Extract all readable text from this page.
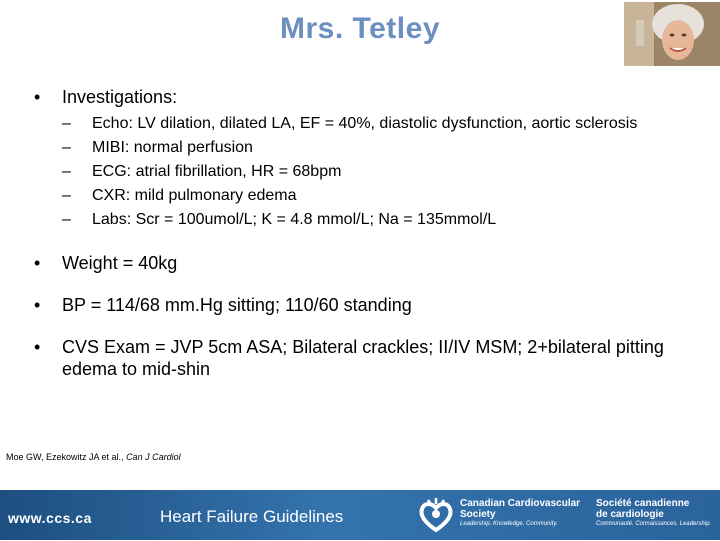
Mrs. Tetley
•	Investigations:
–	Echo: LV dilation, dilated LA, EF = 40%, diastolic dysfunction, aortic sclerosis
–	MIBI: normal perfusion
–	ECG: atrial fibrillation, HR = 68bpm
–	CXR: mild pulmonary edema
–	Labs: Scr = 100umol/L; K = 4.8 mmol/L; Na = 135mmol/L
•	Weight = 40kg
•	BP = 114/68 mm.Hg sitting; 110/60 standing
•	CVS Exam = JVP 5cm ASA; Bilateral crackles; II/IV MSM; 2+bilateral pitting edema to mid-shin
Moe GW, Ezekowitz JA et al., Can J Cardiol
www.ccs.ca	Heart Failure Guidelines
Canadian Cardiovascular
Society
Leadership. Knowledge. Community.
Société canadienne
de cardiologie
Communauté. Connaissances. Leadership.
